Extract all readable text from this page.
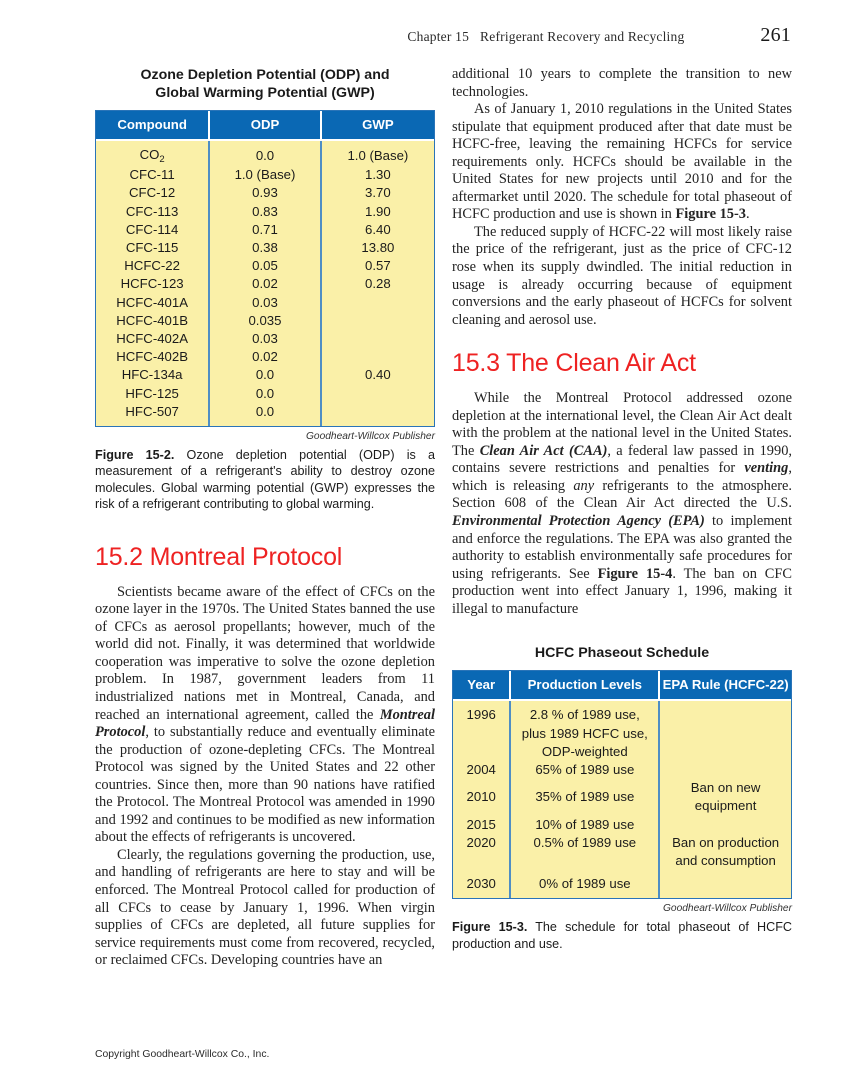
Chapter 15 Refrigerant Recovery and Recycling	261
Ozone Depletion Potential (ODP) and
Global Warming Potential (GWP)
Compound	ODP	GWP
$CO_2$	0.0	1.0 (Base)
CFC-11	1.0 (Base)	1.30
CFC-12	0.93	3.70
CFC-113	0.83	1.90
CFC-114	0.71	6.40
CFC-115	0.38	13.80
HCFC-22	0.05	0.57
HCFC-123	0.02	0.28
HCFC-401A	0.03	
HCFC-401B	0.035	
HCFC-402A	0.03	
HCFC-402B	0.02	
HFC-134a	0.0	0.40
HFC-125	0.0	
HFC-507	0.0	
Goodheart-Willcox Publisher
Figure 15-2. Ozone depletion potential (ODP) is a measurement of a refrigerant's ability to destroy ozone molecules. Global warming potential (GWP) expresses the risk of a refrigerant contributing to global warming.
15.2 Montreal Protocol

Scientists became aware of the effect of CFCs on the ozone layer in the 1970s. The United States banned the use of CFCs as aerosol propellants; however, much of the world did not. Finally, it was determined that worldwide cooperation was imperative to solve the ozone depletion problem. In 1987, government leaders from 11 industrialized nations met in Montreal, Canada, and reached an international agreement, called the Montreal Protocol, to substantially reduce and eventually eliminate the production of ozone-depleting CFCs. The Montreal Protocol was signed by the United States and 22 other countries. Since then, more than 90 nations have ratified the Protocol. The Montreal Protocol was amended in 1990 and 1992 and continues to be modified as new information about the effects of refrigerants is uncovered.

Clearly, the regulations governing the production, use, and handling of refrigerants are here to stay and will be enforced. The Montreal Protocol called for production of all CFCs to cease by January 1, 1996. When virgin supplies of CFCs are depleted, all future supplies for service requirements must come from recovered, recycled, or reclaimed CFCs. Developing countries have an

additional 10 years to complete the transition to new technologies.

As of January 1, 2010 regulations in the United States stipulate that equipment produced after that date must be HCFC-free, leaving the remaining HCFCs for service requirements only. HCFCs should be available in the United States for new projects until 2010 and for the aftermarket until 2020. The schedule for total phaseout of HCFC production and use is shown in Figure 15-3.

The reduced supply of HCFC-22 will most likely raise the price of the refrigerant, just as the price of CFC-12 rose when its supply dwindled. The initial reduction in usage is already occurring because of equipment conversions and the early phaseout of HCFCs for solvent cleaning and aerosol use.

15.3 The Clean Air Act

While the Montreal Protocol addressed ozone depletion at the international level, the Clean Air Act dealt with the problem at the national level in the United States. The Clean Air Act (CAA), a federal law passed in 1990, contains severe restrictions and penalties for venting, which is releasing any refrigerants to the atmosphere. Section 608 of the Clean Air Act directed the U.S. Environmental Protection Agency (EPA) to implement and enforce the regulations. The EPA was also granted the authority to establish environmentally safe procedures for using refrigerants. See Figure 15-4. The ban on CFC production went into effect January 1, 1996, making it illegal to manufacture

HCFC Phaseout Schedule
Year	Production Levels	EPA Rule (HCFC-22)
1996	2.8 % of 1989 use,	
	plus 1989 HCFC use,	
	ODP-weighted	
2004	65% of 1989 use	
2010	35% of 1989 use	Ban on new equipment
2015	10% of 1989 use	
2020	0.5% of 1989 use	Ban on production
		and consumption
2030	0% of 1989 use	
Goodheart-Willcox Publisher
Figure 15-3. The schedule for total phaseout of HCFC production and use.
Copyright Goodheart-Willcox Co., Inc.
